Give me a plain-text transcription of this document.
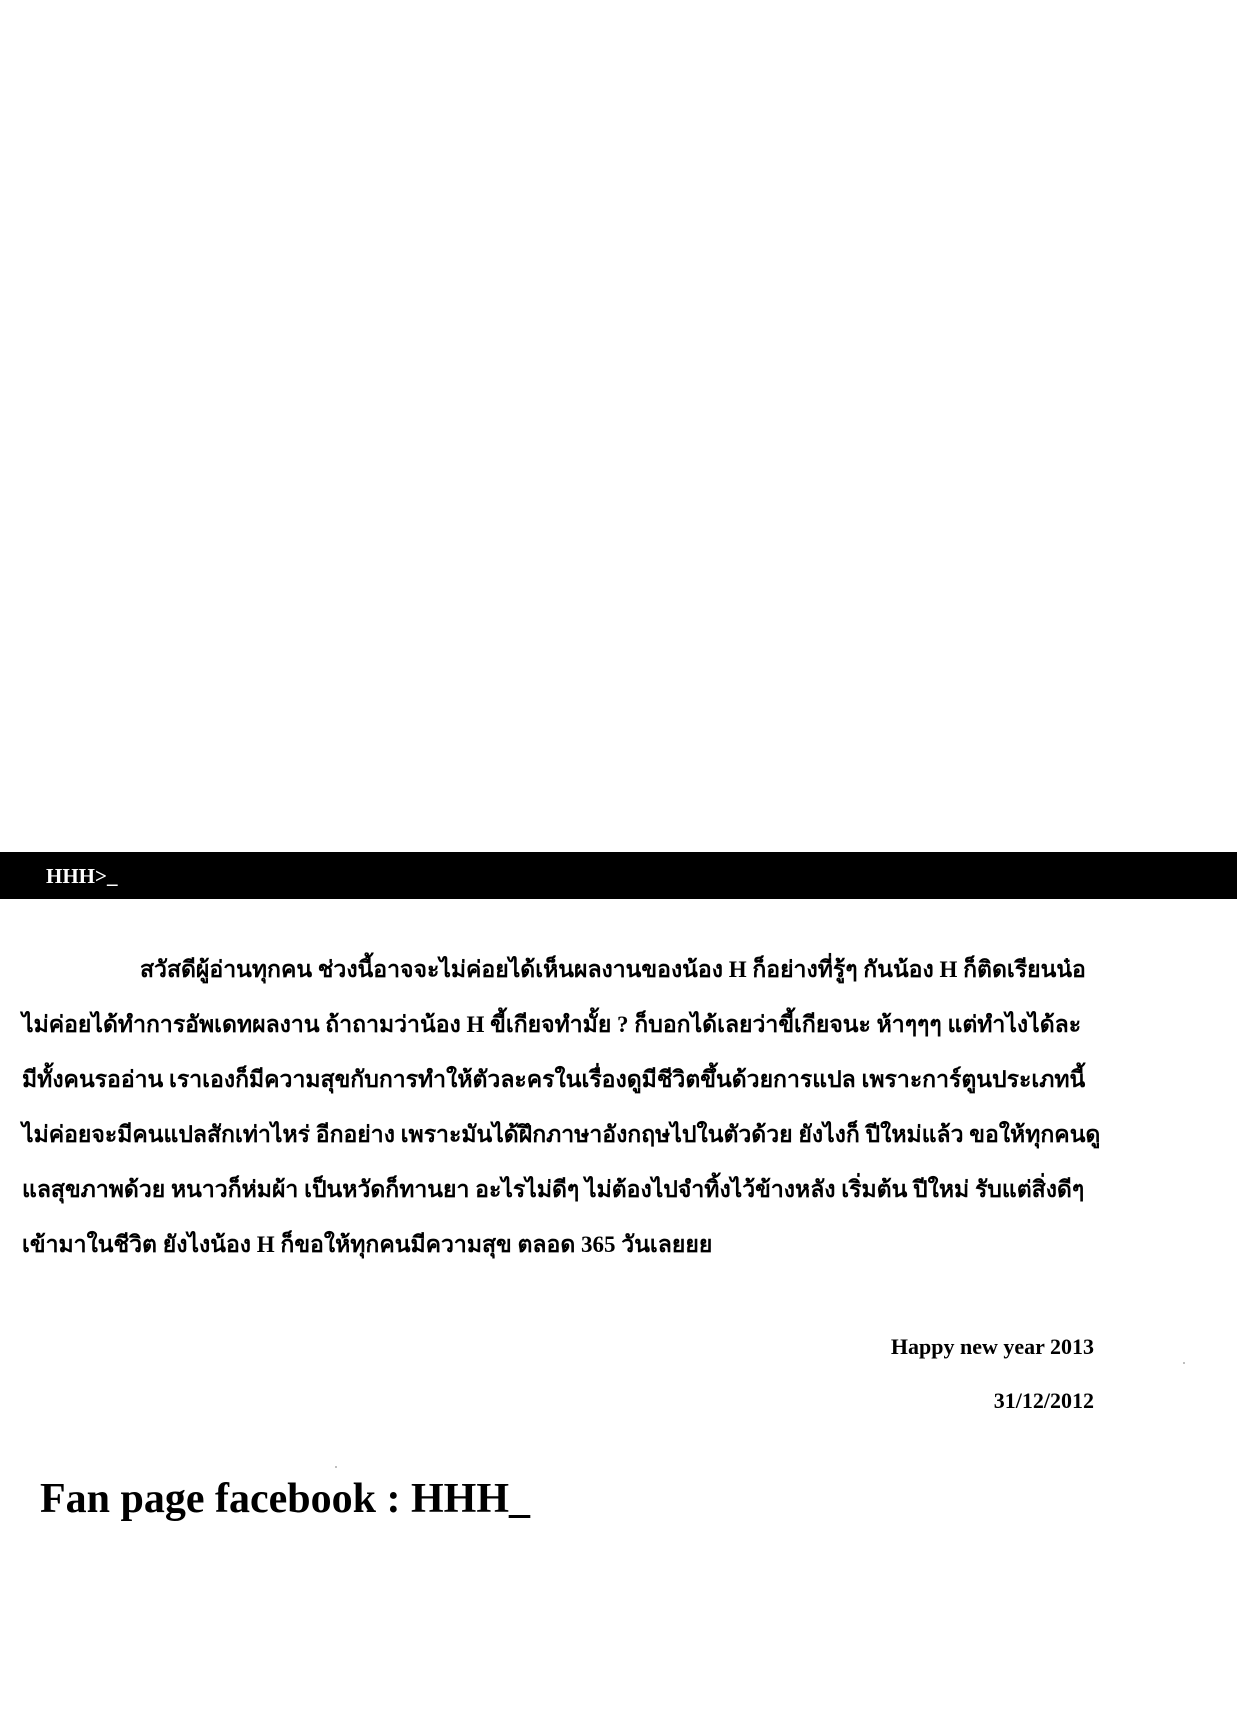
HHH>_
สวัสดีผู้อ่านทุกคน ช่วงนี้อาจจะไม่ค่อยได้เห็นผลงานของน้อง H ก็อย่างที่รู้ๆ กันน้อง H ก็ติดเรียนน๋อ
ไม่ค่อยได้ทำการอัพเดทผลงาน ถ้าถามว่าน้อง H ขี้เกียจทำมั้ย ? ก็บอกได้เลยว่าขี้เกียจนะ ห้าๆๆๆ แต่ทำไงได้ละ
มีทั้งคนรออ่าน เราเองก็มีความสุขกับการทำให้ตัวละครในเรื่องดูมีชีวิตขึ้นด้วยการแปล เพราะการ์ตูนประเภทนี้
ไม่ค่อยจะมีคนแปลสักเท่าไหร่ อีกอย่าง เพราะมันได้ฝึกภาษาอังกฤษไปในตัวด้วย ยังไงก็ ปีใหม่แล้ว ขอให้ทุกคนดู
แลสุขภาพด้วย หนาวก็ห่มผ้า เป็นหวัดก็ทานยา อะไรไม่ดีๆ ไม่ต้องไปจำทิ้งไว้ข้างหลัง เริ่มต้น ปีใหม่ รับแต่สิ่งดีๆ
เข้ามาในชีวิต ยังไงน้อง H ก็ขอให้ทุกคนมีความสุข ตลอด 365 วันเลยยย
Happy new year 2013
31/12/2012
Fan page facebook : HHH_
